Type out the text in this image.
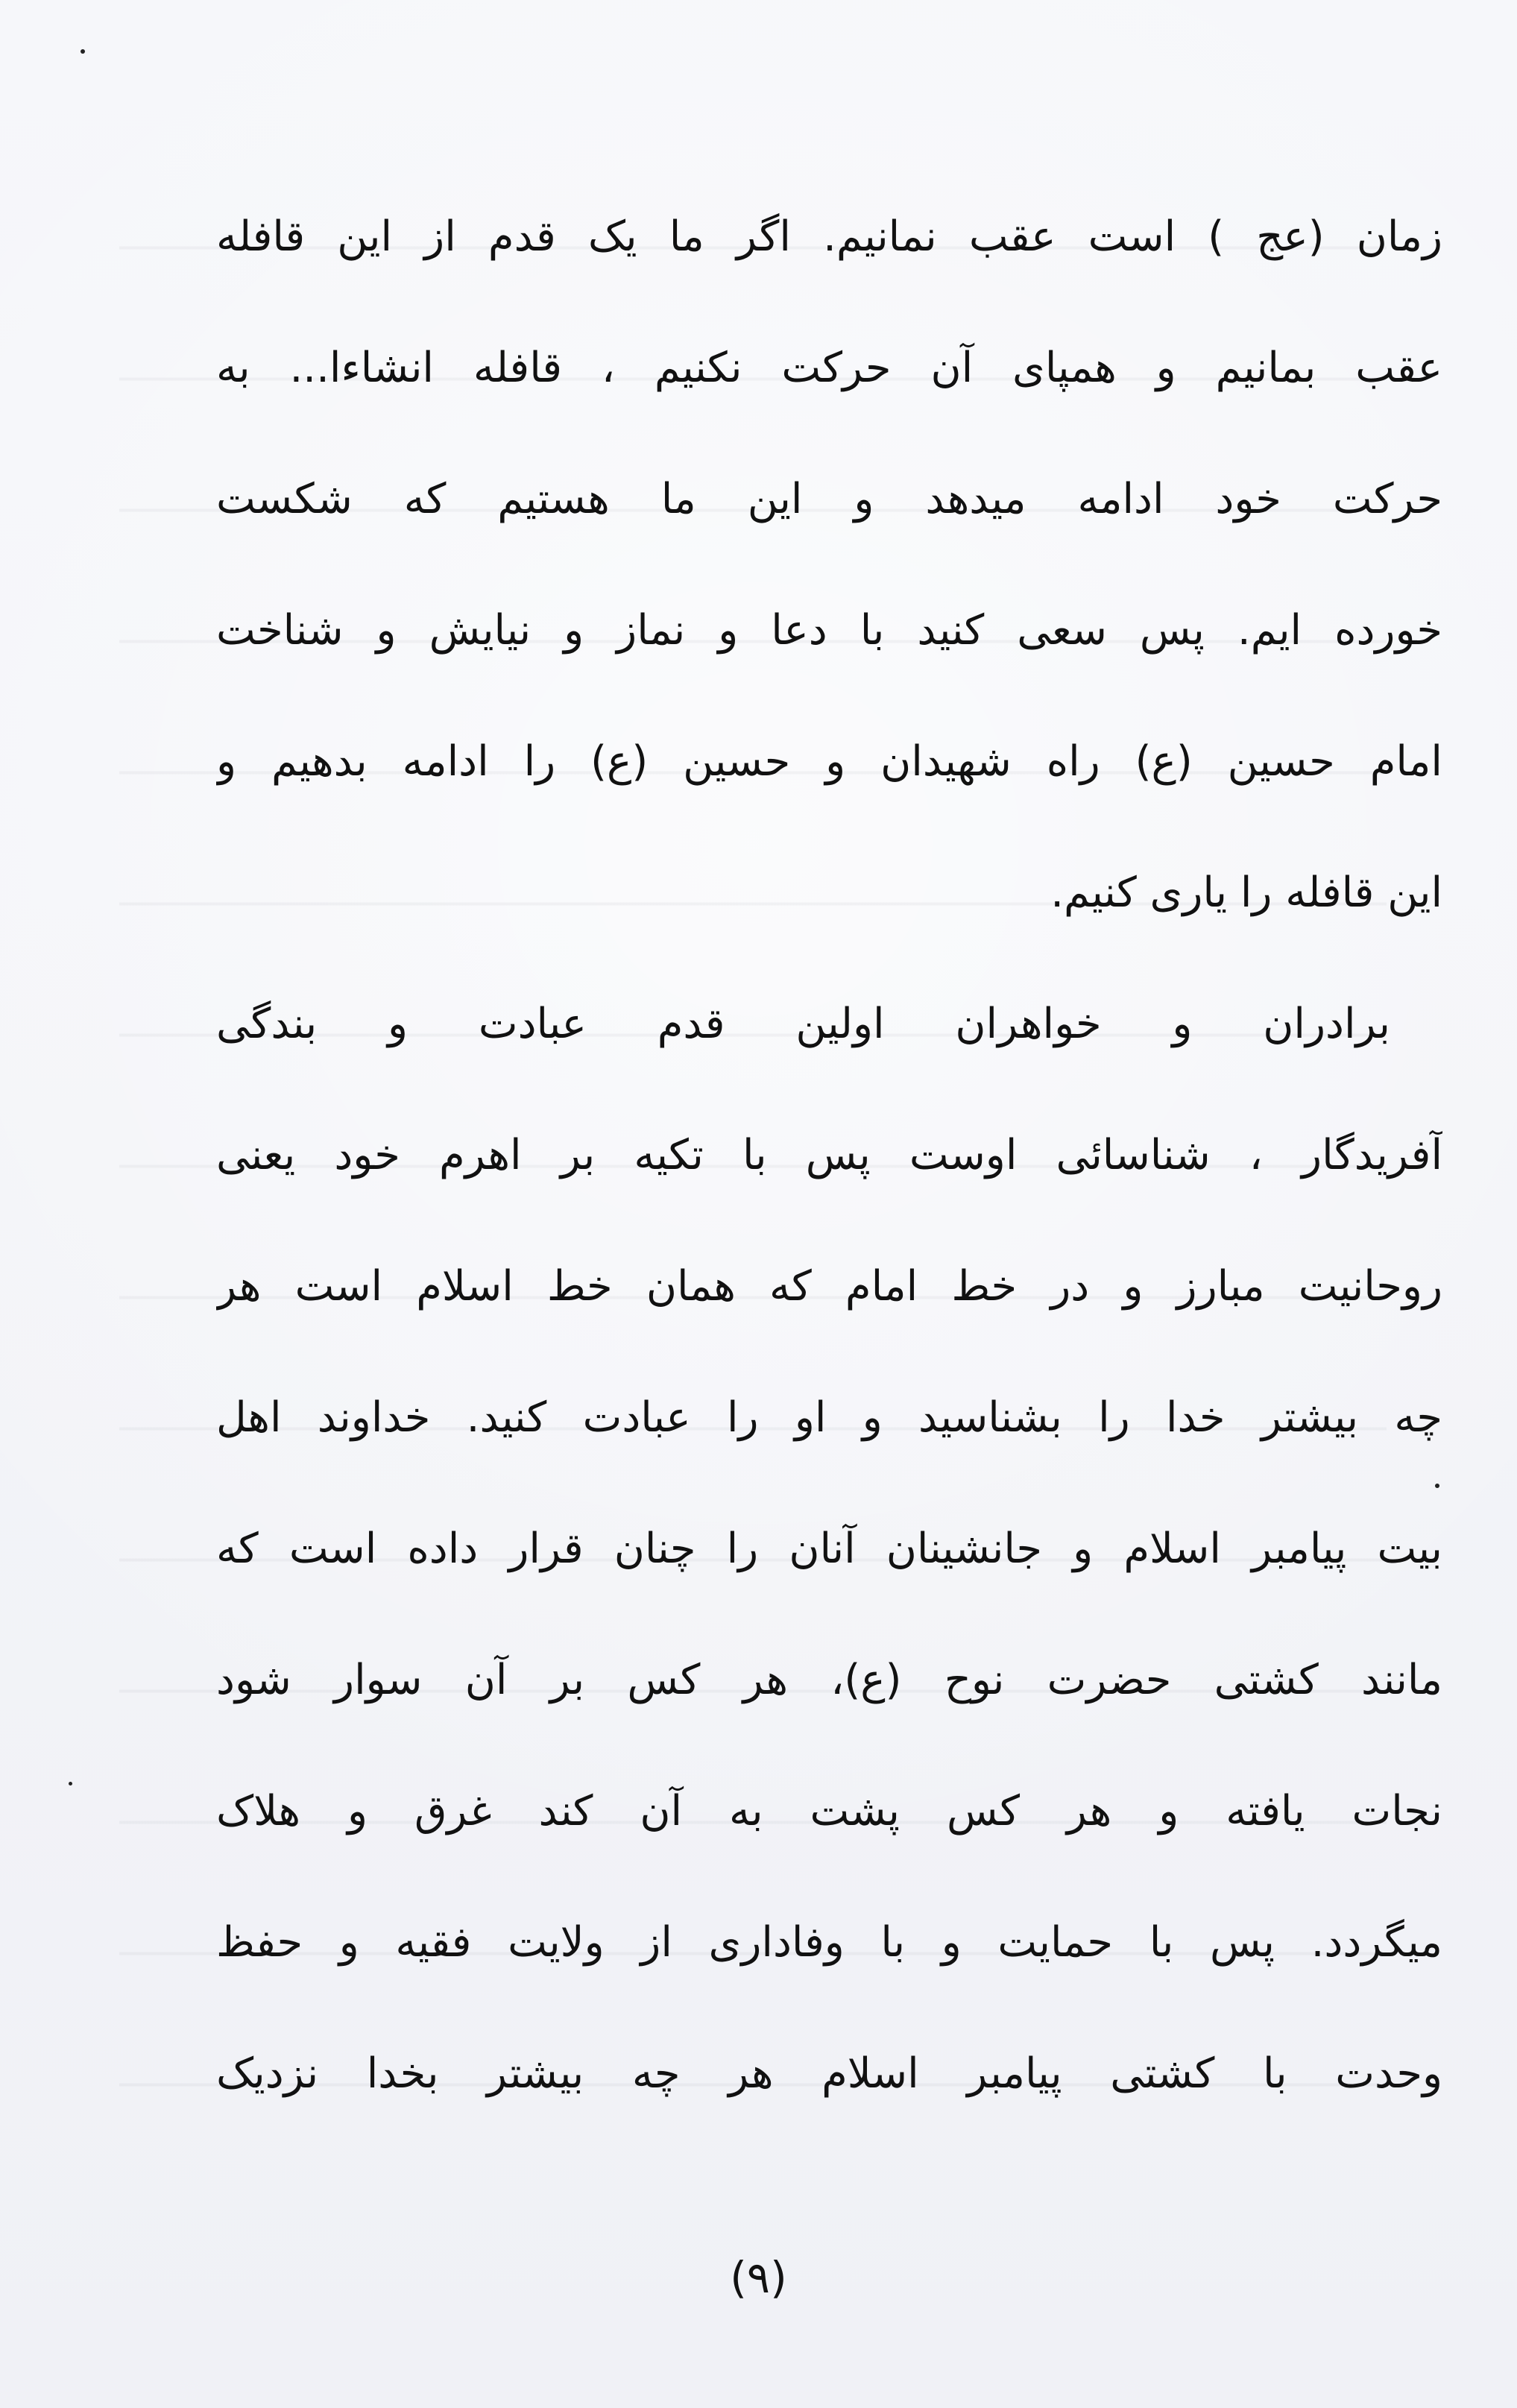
زمان (عج ) است عقب نمانیم. اگر ما یک قدم از این قافله
عقب بمانیم و همپای آن حرکت نکنیم ، قافله انشاءا... به
حرکت خود ادامه میدهد و این ما هستیم که شکست
خورده ایم. پس سعی کنید با دعا و نماز و نیایش و شناخت
امام حسین (ع) راه شهیدان و حسین (ع) را ادامه بدهیم و
این قافله را یاری کنیم.
برادران و خواهران اولین قدم عبادت و بندگی
آفریدگار ، شناسائی اوست پس با تکیه بر اهرم خود یعنی
روحانیت مبارز و در خط امام که همان خط اسلام است هر
چه بیشتر خدا را بشناسید و او را عبادت کنید. خداوند اهل
بیت پیامبر اسلام و جانشینان آنان را چنان قرار داده است که
مانند کشتی حضرت نوح (ع)، هر کس بر آن سوار شود
نجات یافته و هر کس پشت به آن کند غرق و هلاک
میگردد. پس با حمایت و با وفاداری از ولایت فقیه و حفظ
وحدت با کشتی پیامبر اسلام هر چه بیشتر بخدا نزدیک
(۹)
